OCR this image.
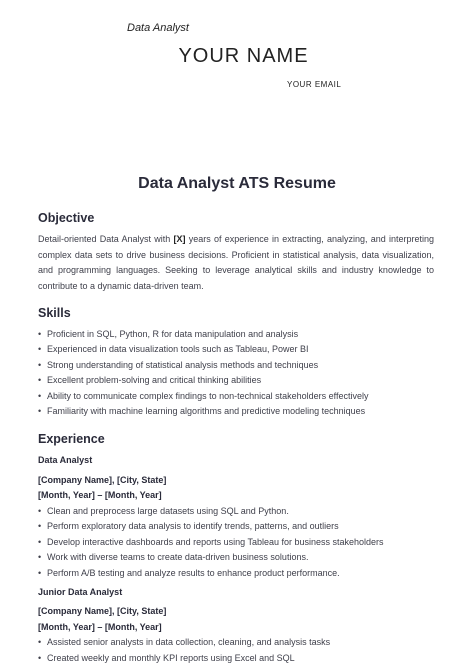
Data Analyst
YOUR NAME
YOUR EMAIL
Data Analyst ATS Resume
Objective

Detail-oriented Data Analyst with [X] years of experience in extracting, analyzing, and interpreting complex data sets to drive business decisions. Proficient in statistical analysis, data visualization, and programming languages. Seeking to leverage analytical skills and industry knowledge to contribute to a dynamic data-driven team.

Skills
• Proficient in SQL, Python, R for data manipulation and analysis
• Experienced in data visualization tools such as Tableau, Power BI
• Strong understanding of statistical analysis methods and techniques
• Excellent problem-solving and critical thinking abilities
• Ability to communicate complex findings to non-technical stakeholders effectively
• Familiarity with machine learning algorithms and predictive modeling techniques
Experience
Data Analyst
[Company Name], [City, State]
[Month, Year] – [Month, Year]
• Clean and preprocess large datasets using SQL and Python.
• Perform exploratory data analysis to identify trends, patterns, and outliers
• Develop interactive dashboards and reports using Tableau for business stakeholders
• Work with diverse teams to create data-driven business solutions.
• Perform A/B testing and analyze results to enhance product performance.
Junior Data Analyst
[Company Name], [City, State]
[Month, Year] – [Month, Year]
• Assisted senior analysts in data collection, cleaning, and analysis tasks
• Created weekly and monthly KPI reports using Excel and SQL
